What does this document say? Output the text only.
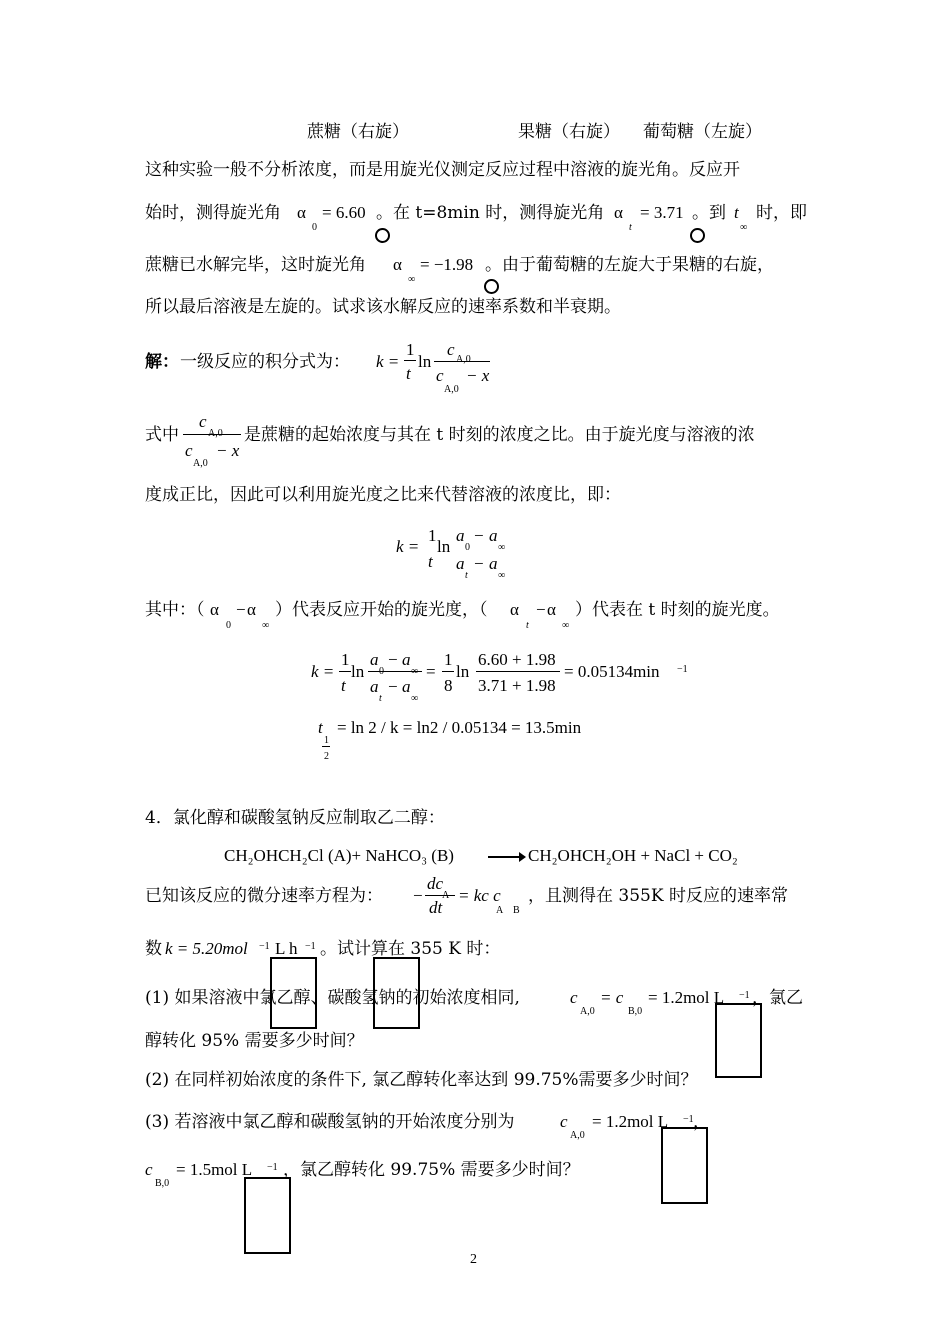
蔗糖（右旋）	果糖（右旋） 葡萄糖（左旋）
这种实验一般不分析浓度，而是用旋光仪测定反应过程中溶液的旋光角。反应开
始时，测得旋光角 α
0
= 6.60 。在 t=8min 时，测得旋光角 α
t
= 3.71 。到 t
∞
时，即
蔗糖已水解完毕，这时旋光角 α
∞
= −1.98 。由于葡萄糖的左旋大于果糖的右旋，
所以最后溶液是左旋的。试求该水解反应的速率系数和半衰期。
解： 一级反应的积分式为： k =
1
t
ln
c
A,0
c
A,0
− x
式中
c
A,0
c
A,0
− x
是蔗糖的起始浓度与其在 t 时刻的浓度之比。由于旋光度与溶液的浓
度成正比，因此可以利用旋光度之比来代替溶液的浓度比，即：
k =
1
t
ln
a
0
− a
∞
a
t
− a
∞
其中：（ α
0
− α
∞
）代表反应开始的旋光度，（ α
t
− α
∞
）代表在 t 时刻的旋光度。
k =
1
t
ln
a
0
− a
∞
a
t
− a
∞
=
1
8
ln
6.60 + 1.98
3.71 + 1.98
= 0.05134min −1
t
1
2
= ln 2 / k = ln2 / 0.05134 = 13.5min
4．氯化醇和碳酸氢钠反应制取乙二醇：
CH₂OHCH₂Cl (A)+ NaHCO₃ (B) → CH₂OHCH₂OH + NaCl + CO₂
已知该反应的微分速率方程为： −
dc
A
dt
= kc c
A B
，且测得在 355K 时反应的速率常
数 k = 5.20mol −1 L h −1 。试计算在 355 K 时：
(1) 如果溶液中氯乙醇、碳酸氢钠的初始浓度相同,	c
A,0
= c
B,0
= 1.2mol L −1 ，氯乙
醇转化 95% 需要多少时间？
(2) 在同样初始浓度的条件下, 氯乙醇转化率达到 99.75%需要多少时间？
(3) 若溶液中氯乙醇和碳酸氢钠的开始浓度分别为	c
A,0
= 1.2mol L −1 ，
c
B,0
= 1.5mol L −1 ，氯乙醇转化 99.75% 需要多少时间？
2
